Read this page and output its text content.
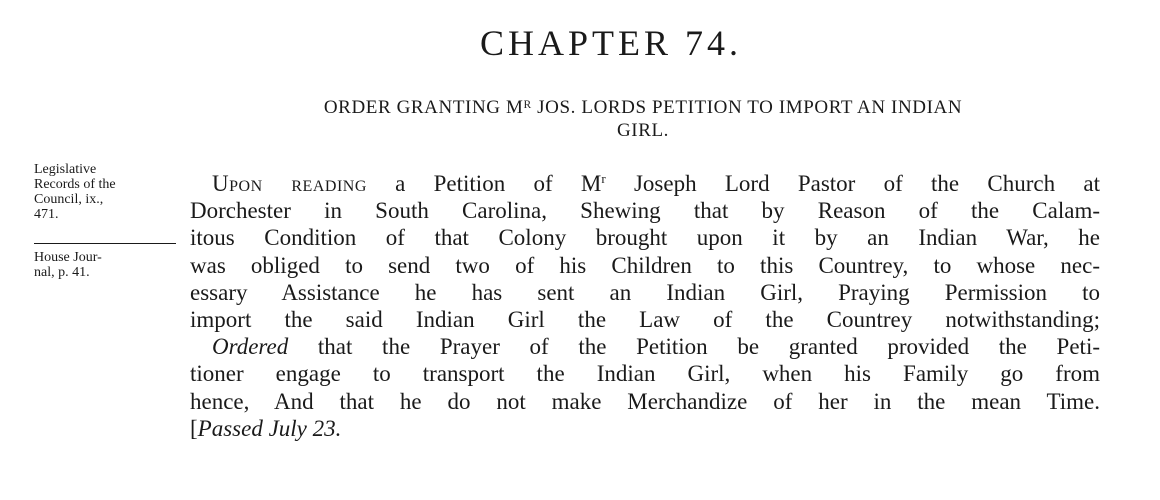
CHAPTER 74.
ORDER GRANTING Mᴿ JOS. LORDS PETITION TO IMPORT AN INDIAN
GIRL.
Legislative
Records of the
Council, ix.,
471.
House Jour-
nal, p. 41.
Upon reading a Petition of $M^r$ Joseph Lord Pastor of the Church at
Dorchester in South Carolina, Shewing that by Reason of the Calam-
itous Condition of that Colony brought upon it by an Indian War, he
was obliged to send two of his Children to this Countrey, to whose nec-
essary Assistance he has sent an Indian Girl, Praying Permission to
import the said Indian Girl the Law of the Countrey notwithstanding;
Ordered that the Prayer of the Petition be granted provided the Peti-
tioner engage to transport the Indian Girl, when his Family go from
hence, And that he do not make Merchandize of her in the mean Time.
[Passed July 23.
